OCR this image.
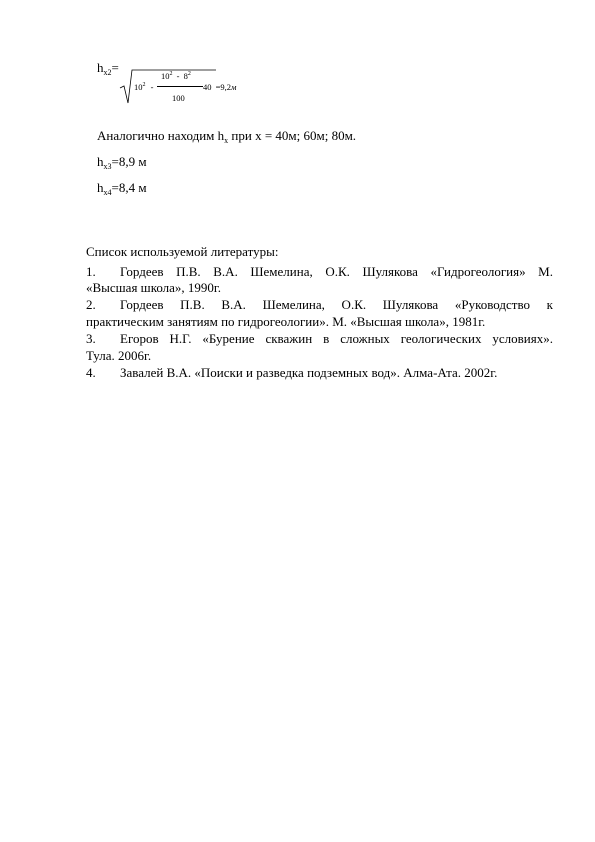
$h_{x2}=$
$10^2$ -
$10^2 - 8^2$
100
40 =9,2м
Аналогично находим $h_x$ при x = 40м; 60м; 80м.
$h_{x3}=8,9$ м
$h_{x4}=8,4$ м
Список используемой литературы:
1. Гордеев П.В. В.А. Шемелина, О.К. Шулякова «Гидрогеология» М.
«Высшая школа», 1990г.
2. Гордеев П.В. В.А. Шемелина, О.К. Шулякова «Руководство к
практическим занятиям по гидрогеологии». М. «Высшая школа», 1981г.
3. Егоров Н.Г. «Бурение скважин в сложных геологических условиях».
Тула. 2006г.
4. Завалей В.А. «Поиски и разведка подземных вод». Алма-Ата. 2002г.
